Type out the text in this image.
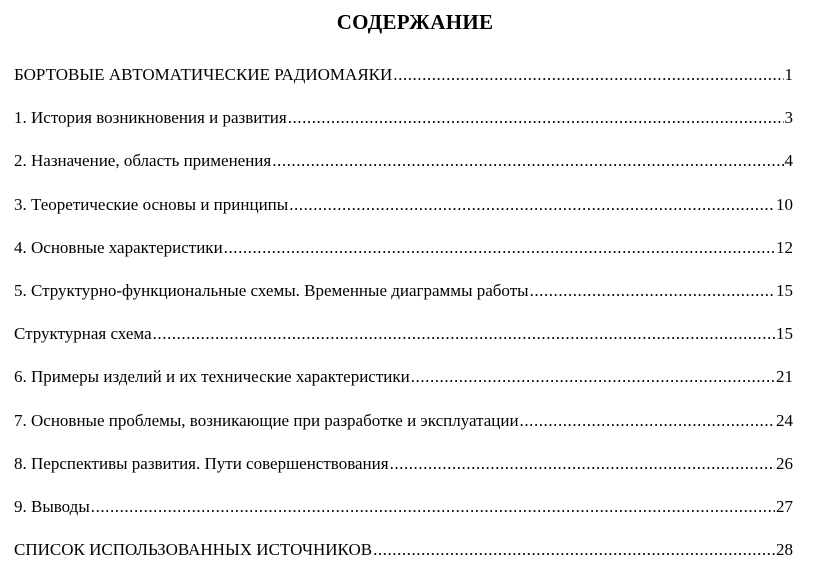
СОДЕРЖАНИЕ
БОРТОВЫЕ АВТОМАТИЧЕСКИЕ РАДИОМАЯКИ .....	1
1. История возникновения и развития .....	3
2. Назначение, область применения .....	4
3. Теоретические основы и принципы .....	10
4. Основные характеристики .....	12
5. Структурно-функциональные схемы. Временные диаграммы работы .....	15
Структурная схема .....	15
6. Примеры изделий и их технические характеристики .....	21
7. Основные проблемы, возникающие при разработке и эксплуатации .....	24
8. Перспективы развития. Пути совершенствования .....	26
9. Выводы .....	27
СПИСОК ИСПОЛЬЗОВАННЫХ ИСТОЧНИКОВ .....	28
